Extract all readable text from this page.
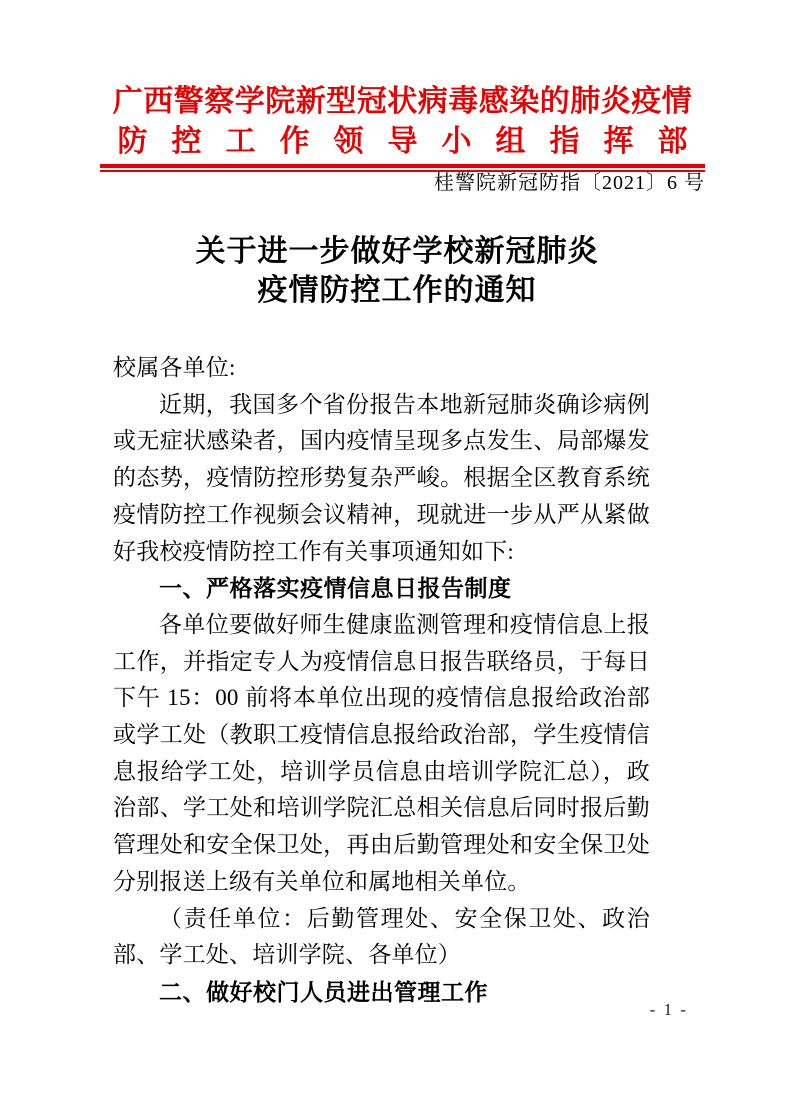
广西警察学院新型冠状病毒感染的肺炎疫情
防 控 工 作 领 导 小 组 指 挥 部
桂警院新冠防指〔2021〕6 号
关于进一步做好学校新冠肺炎
疫情防控工作的通知

校属各单位:

近期，我国多个省份报告本地新冠肺炎确诊病例或无症状感染者，国内疫情呈现多点发生、局部爆发的态势，疫情防控形势复杂严峻。根据全区教育系统疫情防控工作视频会议精神，现就进一步从严从紧做好我校疫情防控工作有关事项通知如下:

一、严格落实疫情信息日报告制度

各单位要做好师生健康监测管理和疫情信息上报工作，并指定专人为疫情信息日报告联络员，于每日下午 15：00 前将本单位出现的疫情信息报给政治部或学工处（教职工疫情信息报给政治部，学生疫情信息报给学工处，培训学员信息由培训学院汇总），政治部、学工处和培训学院汇总相关信息后同时报后勤管理处和安全保卫处，再由后勤管理处和安全保卫处分别报送上级有关单位和属地相关单位。

（责任单位：后勤管理处、安全保卫处、政治部、学工处、培训学院、各单位）

二、做好校门人员进出管理工作

- 1 -
